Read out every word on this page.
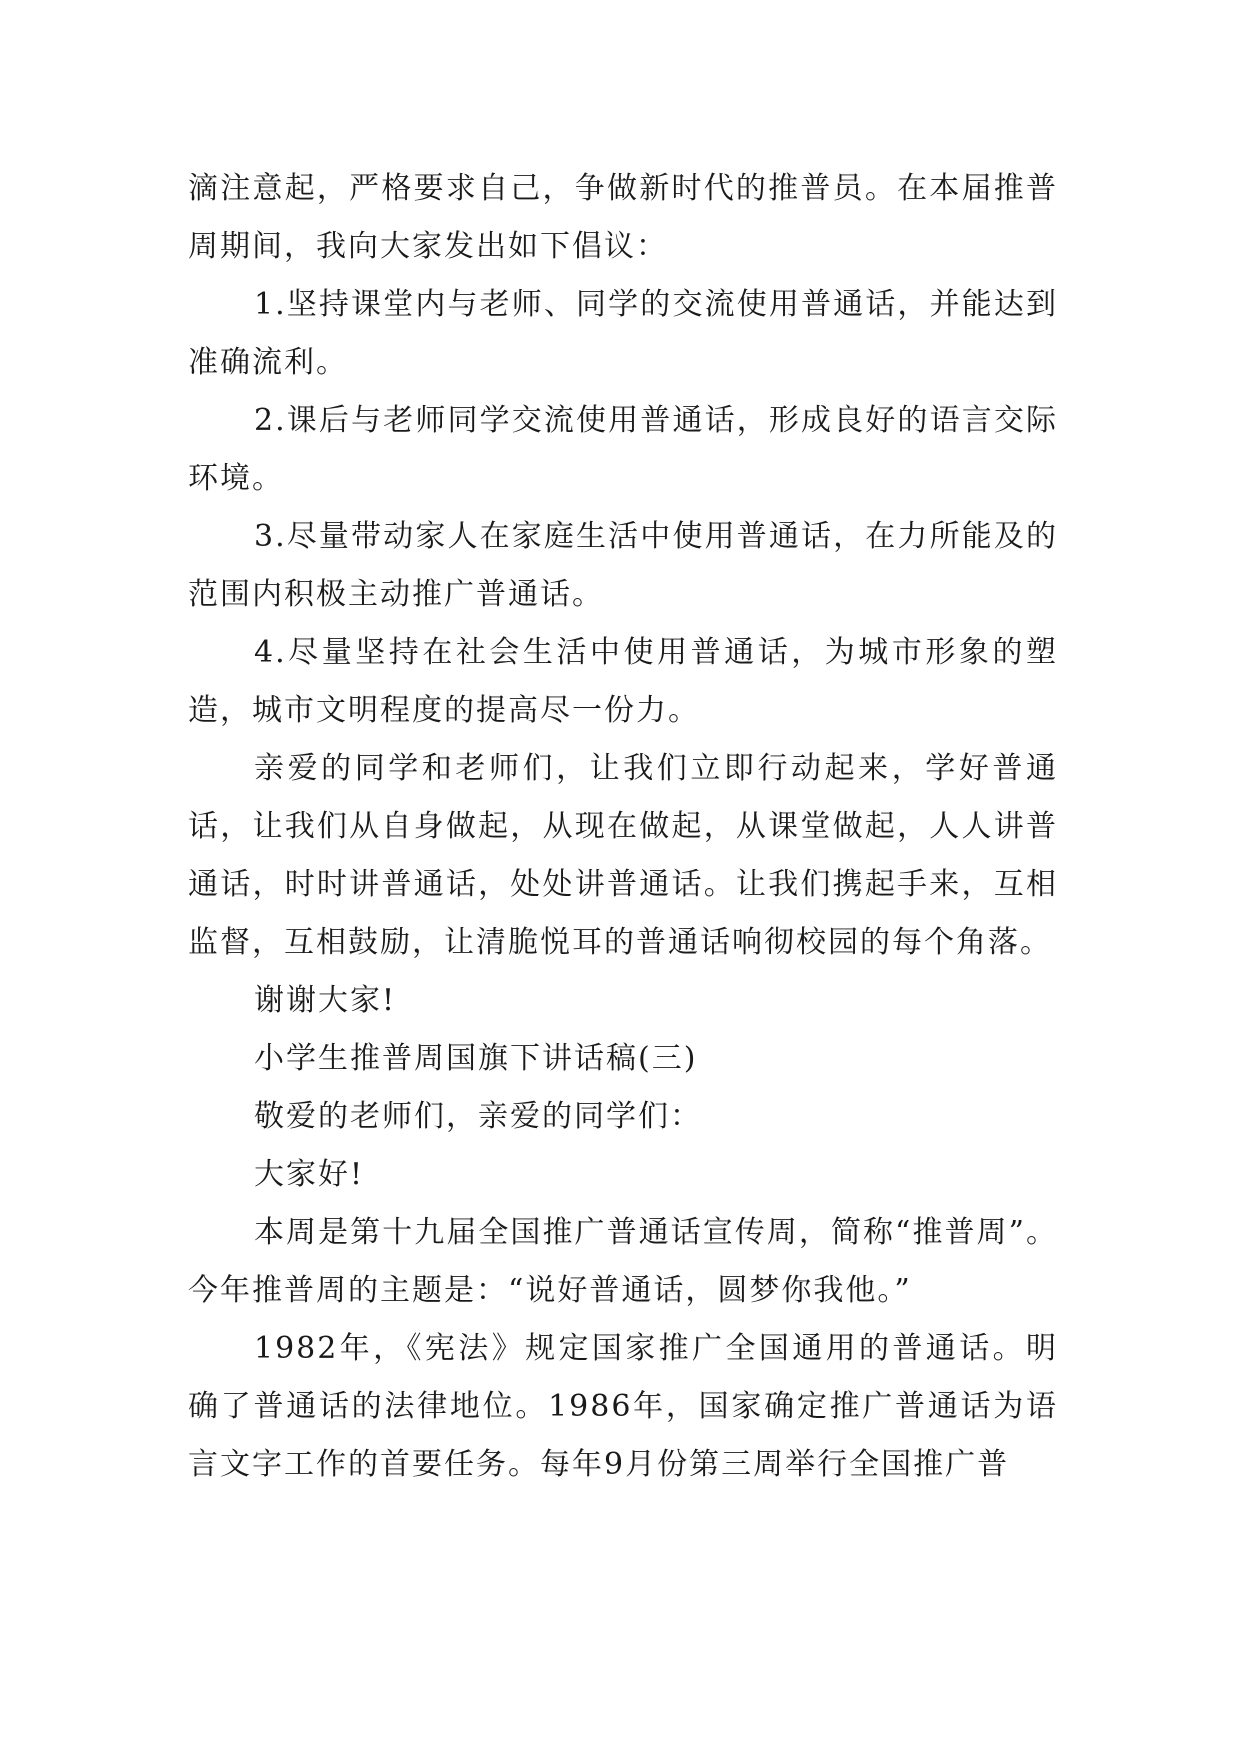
滴注意起，严格要求自己，争做新时代的推普员。在本届推普周期间，我向大家发出如下倡议：

1.坚持课堂内与老师、同学的交流使用普通话，并能达到准确流利。

2.课后与老师同学交流使用普通话，形成良好的语言交际环境。

3.尽量带动家人在家庭生活中使用普通话，在力所能及的范围内积极主动推广普通话。

4.尽量坚持在社会生活中使用普通话，为城市形象的塑造，城市文明程度的提高尽一份力。

亲爱的同学和老师们，让我们立即行动起来，学好普通话，让我们从自身做起，从现在做起，从课堂做起，人人讲普通话，时时讲普通话，处处讲普通话。让我们携起手来，互相监督，互相鼓励，让清脆悦耳的普通话响彻校园的每个角落。

谢谢大家!

小学生推普周国旗下讲话稿(三)

敬爱的老师们，亲爱的同学们：

大家好!

本周是第十九届全国推广普通话宣传周，简称“推普周”。今年推普周的主题是：“说好普通话，圆梦你我他。”

1982年，《宪法》规定国家推广全国通用的普通话。明确了普通话的法律地位。1986年，国家确定推广普通话为语言文字工作的首要任务。每年9月份第三周举行全国推广普
